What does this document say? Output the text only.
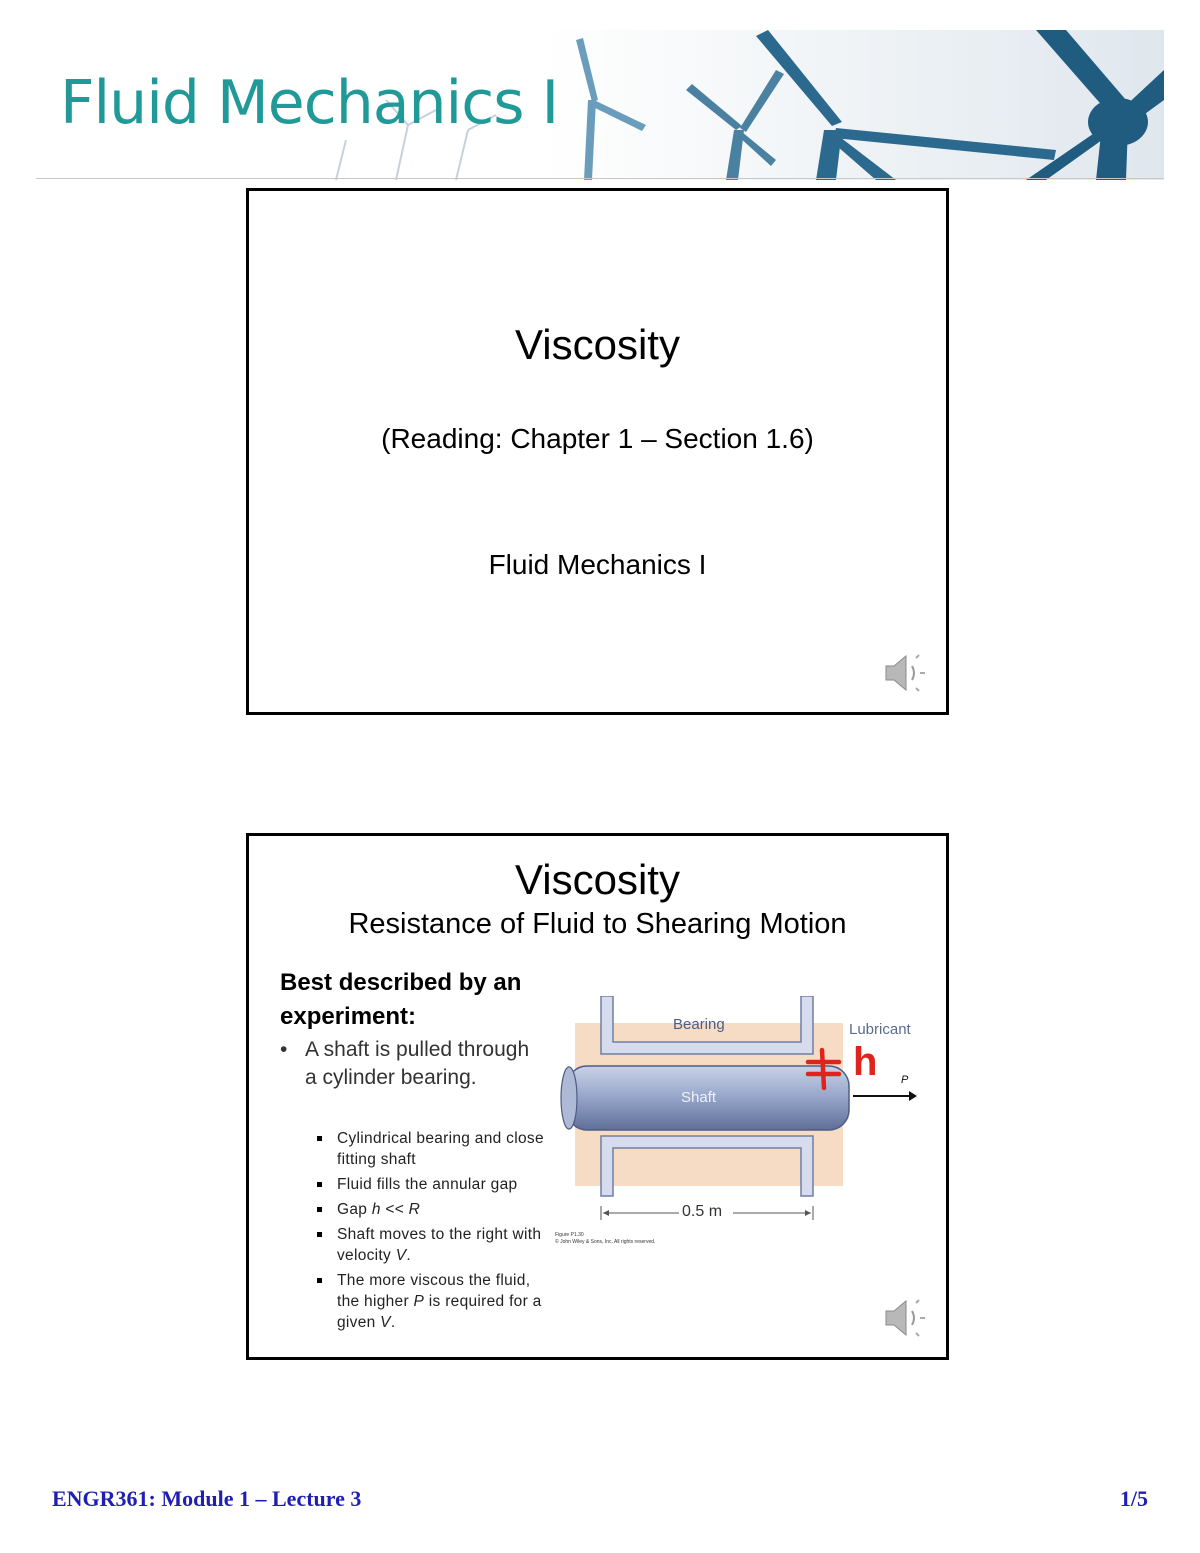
Fluid Mechanics I
Viscosity
(Reading: Chapter 1 – Section 1.6)
Fluid Mechanics I
Viscosity
Resistance of Fluid to Shearing Motion
Best described by an experiment:
• A shaft is pulled through a cylinder bearing.
Cylindrical bearing and close fitting shaft
Fluid fills the annular gap
Gap h << R
Shaft moves to the right with velocity V.
The more viscous the fluid, the higher P is required for a given V.
Bearing	Lubricant
Shaft
P
0.5 m
h
Figure P1.30
© John Wiley & Sons, Inc. All rights reserved.
ENGR361: Module 1 – Lecture 3	1/5
